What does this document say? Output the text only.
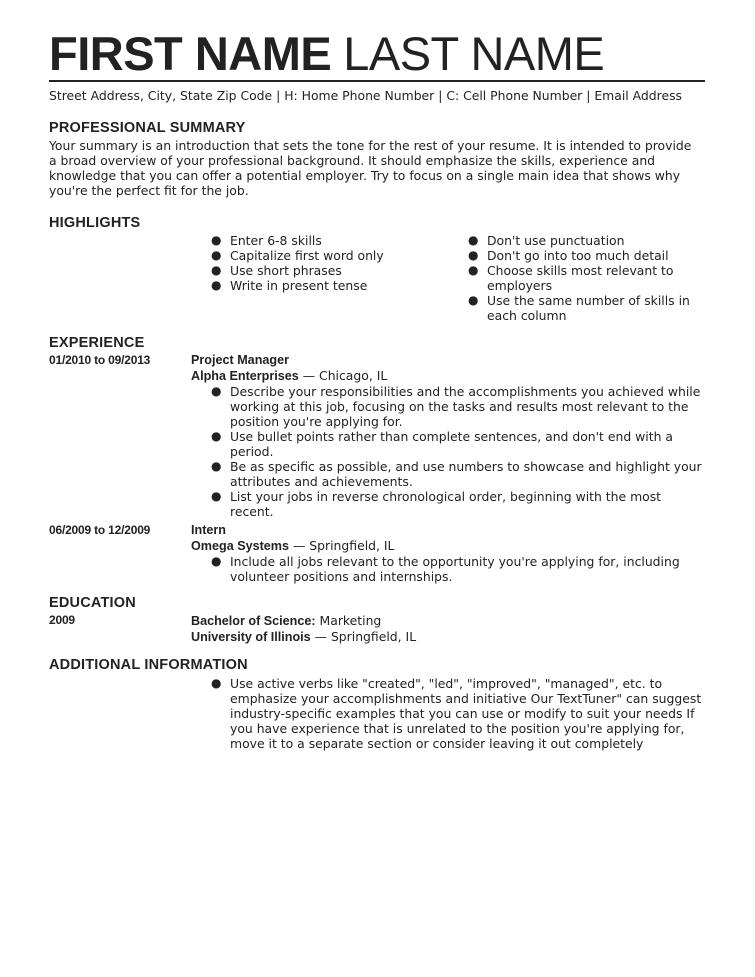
FIRST NAME LAST NAME
Street Address, City, State Zip Code | H: Home Phone Number | C: Cell Phone Number | Email Address
PROFESSIONAL SUMMARY
Your summary is an introduction that sets the tone for the rest of your resume. It is intended to provide a broad overview of your professional background. It should emphasize the skills, experience and knowledge that you can offer a potential employer. Try to focus on a single main idea that shows why you're the perfect fit for the job.
HIGHLIGHTS
● Enter 6-8 skills
● Capitalize first word only
● Use short phrases
● Write in present tense
● Don't use punctuation
● Don't go into too much detail
● Choose skills most relevant to employers
● Use the same number of skills in each column
EXPERIENCE
01/2010 to 09/2013	Project Manager
Alpha Enterprises — Chicago, IL
● Describe your responsibilities and the accomplishments you achieved while working at this job, focusing on the tasks and results most relevant to the position you're applying for.
● Use bullet points rather than complete sentences, and don't end with a period.
● Be as specific as possible, and use numbers to showcase and highlight your attributes and achievements.
● List your jobs in reverse chronological order, beginning with the most recent.
06/2009 to 12/2009	Intern
Omega Systems — Springfield, IL
● Include all jobs relevant to the opportunity you're applying for, including volunteer positions and internships.
EDUCATION
2009	Bachelor of Science: Marketing
University of Illinois — Springfield, IL
ADDITIONAL INFORMATION
● Use active verbs like "created", "led", "improved", "managed", etc. to emphasize your accomplishments and initiative Our TextTuner" can suggest industry-specific examples that you can use or modify to suit your needs If you have experience that is unrelated to the position you're applying for, move it to a separate section or consider leaving it out completely
